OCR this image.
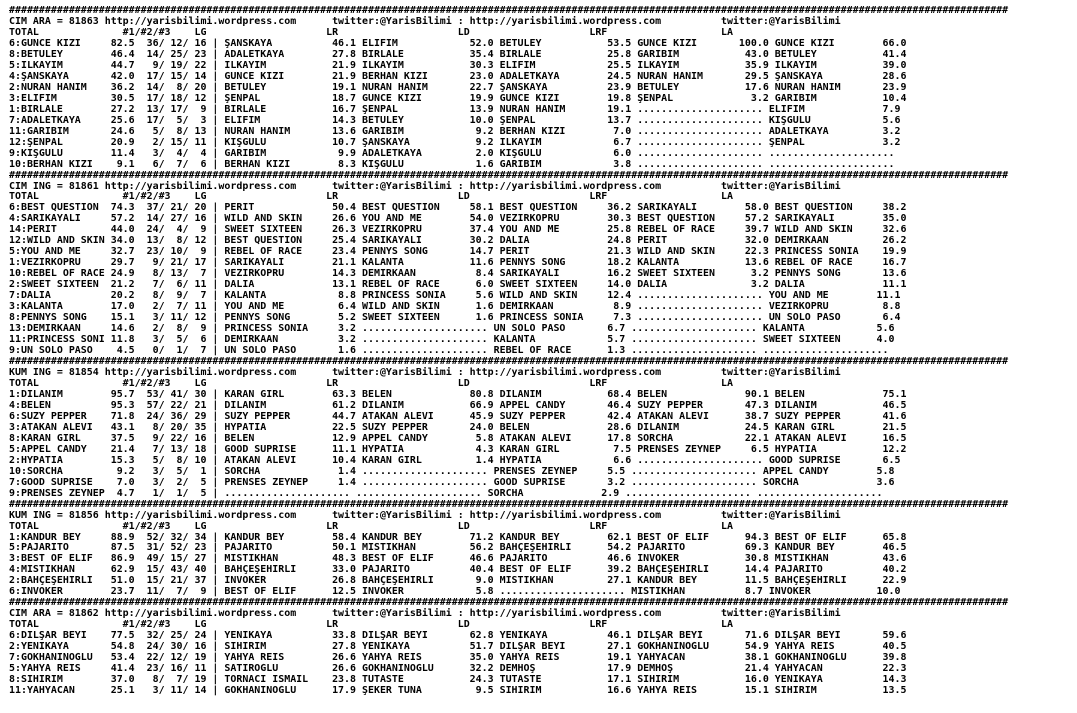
#######################################################################################################################################################################
CIM ARA = 81863 http://yarisbilimi.wordpress.com      twitter:@YarisBilimi : http://yarisbilimi.wordpress.com          twitter:@YarisBilimi
TOTAL              #1/#2/#3    LG                    LR                    LD                    LRF                   LA
6:GUNCE KIZI     82.5  36/ 12/ 16 | ŞANSKAYA          46.1 ELİFİM            52.0 BETÜLEY           53.5 GUNCE KIZI       100.0 GUNCE KIZI        66.0
8:BETÜLEY        46.4  14/ 25/ 23 | ADALETKAYA        27.8 BİRLALE           35.4 BİRLALE           25.8 GARİBİM           43.0 BETÜLEY           41.4
5:İLKAYIM        44.7   9/ 19/ 22 | İLKAYIM           21.9 İLKAYIM           30.3 ELİFİM            25.5 İLKAYIM           35.9 İLKAYIM           39.0
4:ŞANSKAYA       42.0  17/ 15/ 14 | GUNCE KIZI        21.9 BERHAN KIZI       23.0 ADALETKAYA        24.5 NURAN HANIM       29.5 ŞANSKAYA          28.6
2:NURAN HANIM    36.2  14/  8/ 20 | BETÜLEY           19.1 NURAN HANIM       22.7 ŞANSKAYA          23.9 BETÜLEY           17.6 NURAN HANIM       23.9
3:ELİFİM         30.5  17/ 18/ 12 | ŞENPAL            18.7 GUNCE KIZI        19.9 GUNCE KIZI        19.8 ŞENPAL             3.2 GARİBİM           10.4
1:BİRLALE        27.2  13/ 17/  9 | BİRLALE           16.7 ŞENPAL            13.9 NURAN HANIM       19.1 ..................... ELİFİM             7.9
7:ADALETKAYA     25.6  17/  5/  3 | ELİFİM            14.3 BETÜLEY           10.0 ŞENPAL            13.7 ..................... KIŞGÜLÜ            5.6
11:GARİBİM       24.6   5/  8/ 13 | NURAN HANIM       13.6 GARİBİM            9.2 BERHAN KIZI        7.0 ..................... ADALETKAYA         3.2
12:ŞENPAL        20.9   2/ 15/ 11 | KIŞGÜLÜ           10.7 ŞANSKAYA           9.2 İLKAYIM            6.7 ..................... ŞENPAL             3.2
9:KIŞGÜLÜ        11.4   3/  4/  4 | GARİBİM            9.9 ADALETKAYA         2.0 KIŞGÜLÜ            6.0 ..................... .....................
10:BERHAN KIZI    9.1   6/  7/  6 | BERHAN KIZI        8.3 KIŞGÜLÜ            1.6 GARİBİM            3.8 ..................... .....................
#######################################################################################################################################################################
CIM ING = 81861 http://yarisbilimi.wordpress.com      twitter:@YarisBilimi : http://yarisbilimi.wordpress.com          twitter:@YarisBilimi
TOTAL              #1/#2/#3    LG                    LR                    LD                    LRF                   LA
6:BEST QUESTION  74.3  37/ 21/ 20 | PERIT             50.4 BEST QUESTION     58.1 BEST QUESTION     36.2 SARIKAYALI        58.0 BEST QUESTION     38.2
4:SARIKAYALI     57.2  14/ 27/ 16 | WILD AND SKIN     26.6 YOU AND ME        54.0 VEZİRKÖPRÜ        30.3 BEST QUESTION     57.2 SARIKAYALI        35.0
14:PERIT         44.0  24/  4/  9 | SWEET SIXTEEN     26.3 VEZİRKÖPRÜ        37.4 YOU AND ME        25.8 REBEL OF RACE     39.7 WILD AND SKIN     32.6
12:WILD AND SKIN 34.0  13/  8/ 12 | BEST QUESTION     25.4 SARIKAYALI        30.2 DALIA             24.8 PERIT             32.0 DEMİRKAAN         26.2
5:YOU AND ME     32.7  23/ 10/  9 | REBEL OF RACE     23.4 PENNYS SONG       14.7 PERIT             21.3 WILD AND SKIN     22.3 PRINCESS SONIA    19.9
1:VEZİRKÖPRÜ     29.7   9/ 21/ 17 | SARIKAYALI        21.1 KALANTA           11.6 PENNYS SONG       18.2 KALANTA           13.6 REBEL OF RACE     16.7
10:REBEL OF RACE 24.9   8/ 13/  7 | VEZİRKÖPRÜ        14.3 DEMİRKAAN          8.4 SARIKAYALI        16.2 SWEET SIXTEEN      3.2 PENNYS SONG       13.6
2:SWEET SIXTEEN  21.2   7/  6/ 11 | DALIA             13.1 REBEL OF RACE      6.0 SWEET SIXTEEN     14.0 DALIA              3.2 DALIA             11.1
7:DALIA          20.2   8/  9/  7 | KALANTA            8.8 PRINCESS SONIA     5.6 WILD AND SKIN     12.4 ..................... YOU AND ME        11.1
3:KALANTA        17.0   2/  7/ 11 | YOU AND ME         6.4 WILD AND SKIN      1.6 DEMİRKAAN          8.9 ..................... VEZİRKÖPRÜ         8.8
8:PENNYS SONG    15.1   3/ 11/ 12 | PENNYS SONG        5.2 SWEET SIXTEEN      1.6 PRINCESS SONIA     7.3 ..................... UN SOLO PASO       6.4
13:DEMİRKAAN     14.6   2/  8/  9 | PRINCESS SONIA     3.2 ..................... UN SOLO PASO       6.7 ..................... KALANTA            5.6
11:PRINCESS SONI 11.8   3/  5/  6 | DEMİRKAAN          3.2 ..................... KALANTA            5.7 ..................... SWEET SIXTEEN      4.0
9:UN SOLO PASO    4.5   0/  1/  7 | UN SOLO PASO       1.6 ..................... REBEL OF RACE      1.3 ..................... .....................
#######################################################################################################################################################################
KUM ING = 81854 http://yarisbilimi.wordpress.com      twitter:@YarisBilimi : http://yarisbilimi.wordpress.com          twitter:@YarisBilimi
TOTAL              #1/#2/#3    LG                    LR                    LD                    LRF                   LA
1:DİLANIM        95.7  53/ 41/ 30 | KARAN GIRL        63.3 BELEN             80.8 DİLANIM           68.4 BELEN             90.1 BELEN             75.1
4:BELEN          95.3  57/ 22/ 21 | DİLANIM           61.2 DİLANIM           66.9 APPEL CANDY       46.4 SUZY PEPPER       47.3 DİLANIM           46.5
6:SUZY PEPPER    71.8  24/ 36/ 29 | SUZY PEPPER       44.7 ATAKAN ALEVİ      45.9 SUZY PEPPER       42.4 ATAKAN ALEVİ      38.7 SUZY PEPPER       41.6
3:ATAKAN ALEVİ   43.1   8/ 20/ 35 | HYPATIA           22.5 SUZY PEPPER       24.0 BELEN             28.6 DİLANIM           24.5 KARAN GIRL        21.5
8:KARAN GIRL     37.5   9/ 22/ 16 | BELEN             12.9 APPEL CANDY        5.8 ATAKAN ALEVİ      17.8 SORCHA            22.1 ATAKAN ALEVİ      16.5
5:APPEL CANDY    21.4   7/ 13/ 18 | GOOD SUPRISE      11.1 HYPATIA            4.3 KARAN GIRL         7.5 PRENSES ZEYNEP     6.5 HYPATIA           12.2
2:HYPATIA        15.3   5/  8/ 10 | ATAKAN ALEVİ      10.4 KARAN GIRL         1.4 HYPATIA            6.6 ..................... GOOD SUPRISE       6.5
10:SORCHA         9.2   3/  5/  1 | SORCHA             1.4 ..................... PRENSES ZEYNEP     5.5 ..................... APPEL CANDY        5.8
7:GOOD SUPRISE    7.0   3/  2/  5 | PRENSES ZEYNEP     1.4 ..................... GOOD SUPRISE       3.2 ..................... SORCHA             3.6
9:PRENSES ZEYNEP  4.7   1/  1/  5 | ..................... ..................... SORCHA             2.9 ..................... .....................
#######################################################################################################################################################################
KUM ING = 81856 http://yarisbilimi.wordpress.com      twitter:@YarisBilimi : http://yarisbilimi.wordpress.com          twitter:@YarisBilimi
TOTAL              #1/#2/#3    LG                    LR                    LD                    LRF                   LA
1:KANDUR BEY     88.9  52/ 32/ 34 | KANDUR BEY        58.4 KANDUR BEY        71.2 KANDUR BEY        62.1 BEST OF ELİF      94.3 BEST OF ELİF      65.8
5:PAJARITO       87.5  31/ 52/ 23 | PAJARITO          50.1 MISTIKHAN         56.2 BAHÇEŞEHİRLİ      54.2 PAJARITO          69.3 KANDUR BEY        46.5
3:BEST OF ELİF   86.9  49/ 15/ 27 | MISTIKHAN         48.3 BEST OF ELİF      46.6 PAJARITO          46.6 INVOKER           30.8 MISTIKHAN         43.6
4:MISTIKHAN      62.9  15/ 43/ 40 | BAHÇEŞEHİRLİ      33.0 PAJARITO          40.4 BEST OF ELİF      39.2 BAHÇEŞEHİRLİ      14.4 PAJARITO          40.2
2:BAHÇEŞEHİRLİ   51.0  15/ 21/ 37 | INVOKER           26.8 BAHÇEŞEHİRLİ       9.0 MISTIKHAN         27.1 KANDUR BEY        11.5 BAHÇEŞEHİRLİ      22.9
6:INVOKER        23.7  11/  7/  9 | BEST OF ELİF      12.5 INVOKER            5.8 ..................... MISTIKHAN          8.7 INVOKER           10.0
#######################################################################################################################################################################
CIM ARA = 81862 http://yarisbilimi.wordpress.com      twitter:@YarisBilimi : http://yarisbilimi.wordpress.com          twitter:@YarisBilimi
TOTAL              #1/#2/#3    LG                    LR                    LD                    LRF                   LA
6:DİLŞAR BEYİ    77.5  32/ 25/ 24 | YENİKAYA          33.8 DİLŞAR BEYİ       62.8 YENİKAYA          46.1 DİLŞAR BEYİ       71.6 DİLŞAR BEYİ       59.6
2:YENİKAYA       54.8  24/ 30/ 16 | SİHİRİM           27.8 YENİKAYA          51.7 DİLŞAR BEYİ       27.1 GÖKHANINOĞLU      54.9 YAHYA REİS        40.5
7:GÖKHANINOĞLU   53.4  22/ 12/ 19 | YAHYA REİS        26.6 YAHYA REİS        35.0 YAHYA REİS        19.1 YAHYACAN          38.1 GÖKHANINOĞLU      39.8
5:YAHYA REİS     41.4  23/ 16/ 11 | SATIROĞLU         26.6 GÖKHANINOĞLU      32.2 DEMHOŞ            17.9 DEMHOŞ            21.4 YAHYACAN          22.3
8:SİHİRİM        37.0   8/  7/ 19 | TORNACI İSMAİL    23.8 TUTASTE           24.3 TUTASTE           17.1 SİHİRİM           16.0 YENİKAYA          14.3
11:YAHYACAN      25.1   3/ 11/ 14 | GÖKHANINOĞLU      17.9 ŞEKER TUNA         9.5 SİHİRİM           16.6 YAHYA REİS        15.1 SİHİRİM           13.5
